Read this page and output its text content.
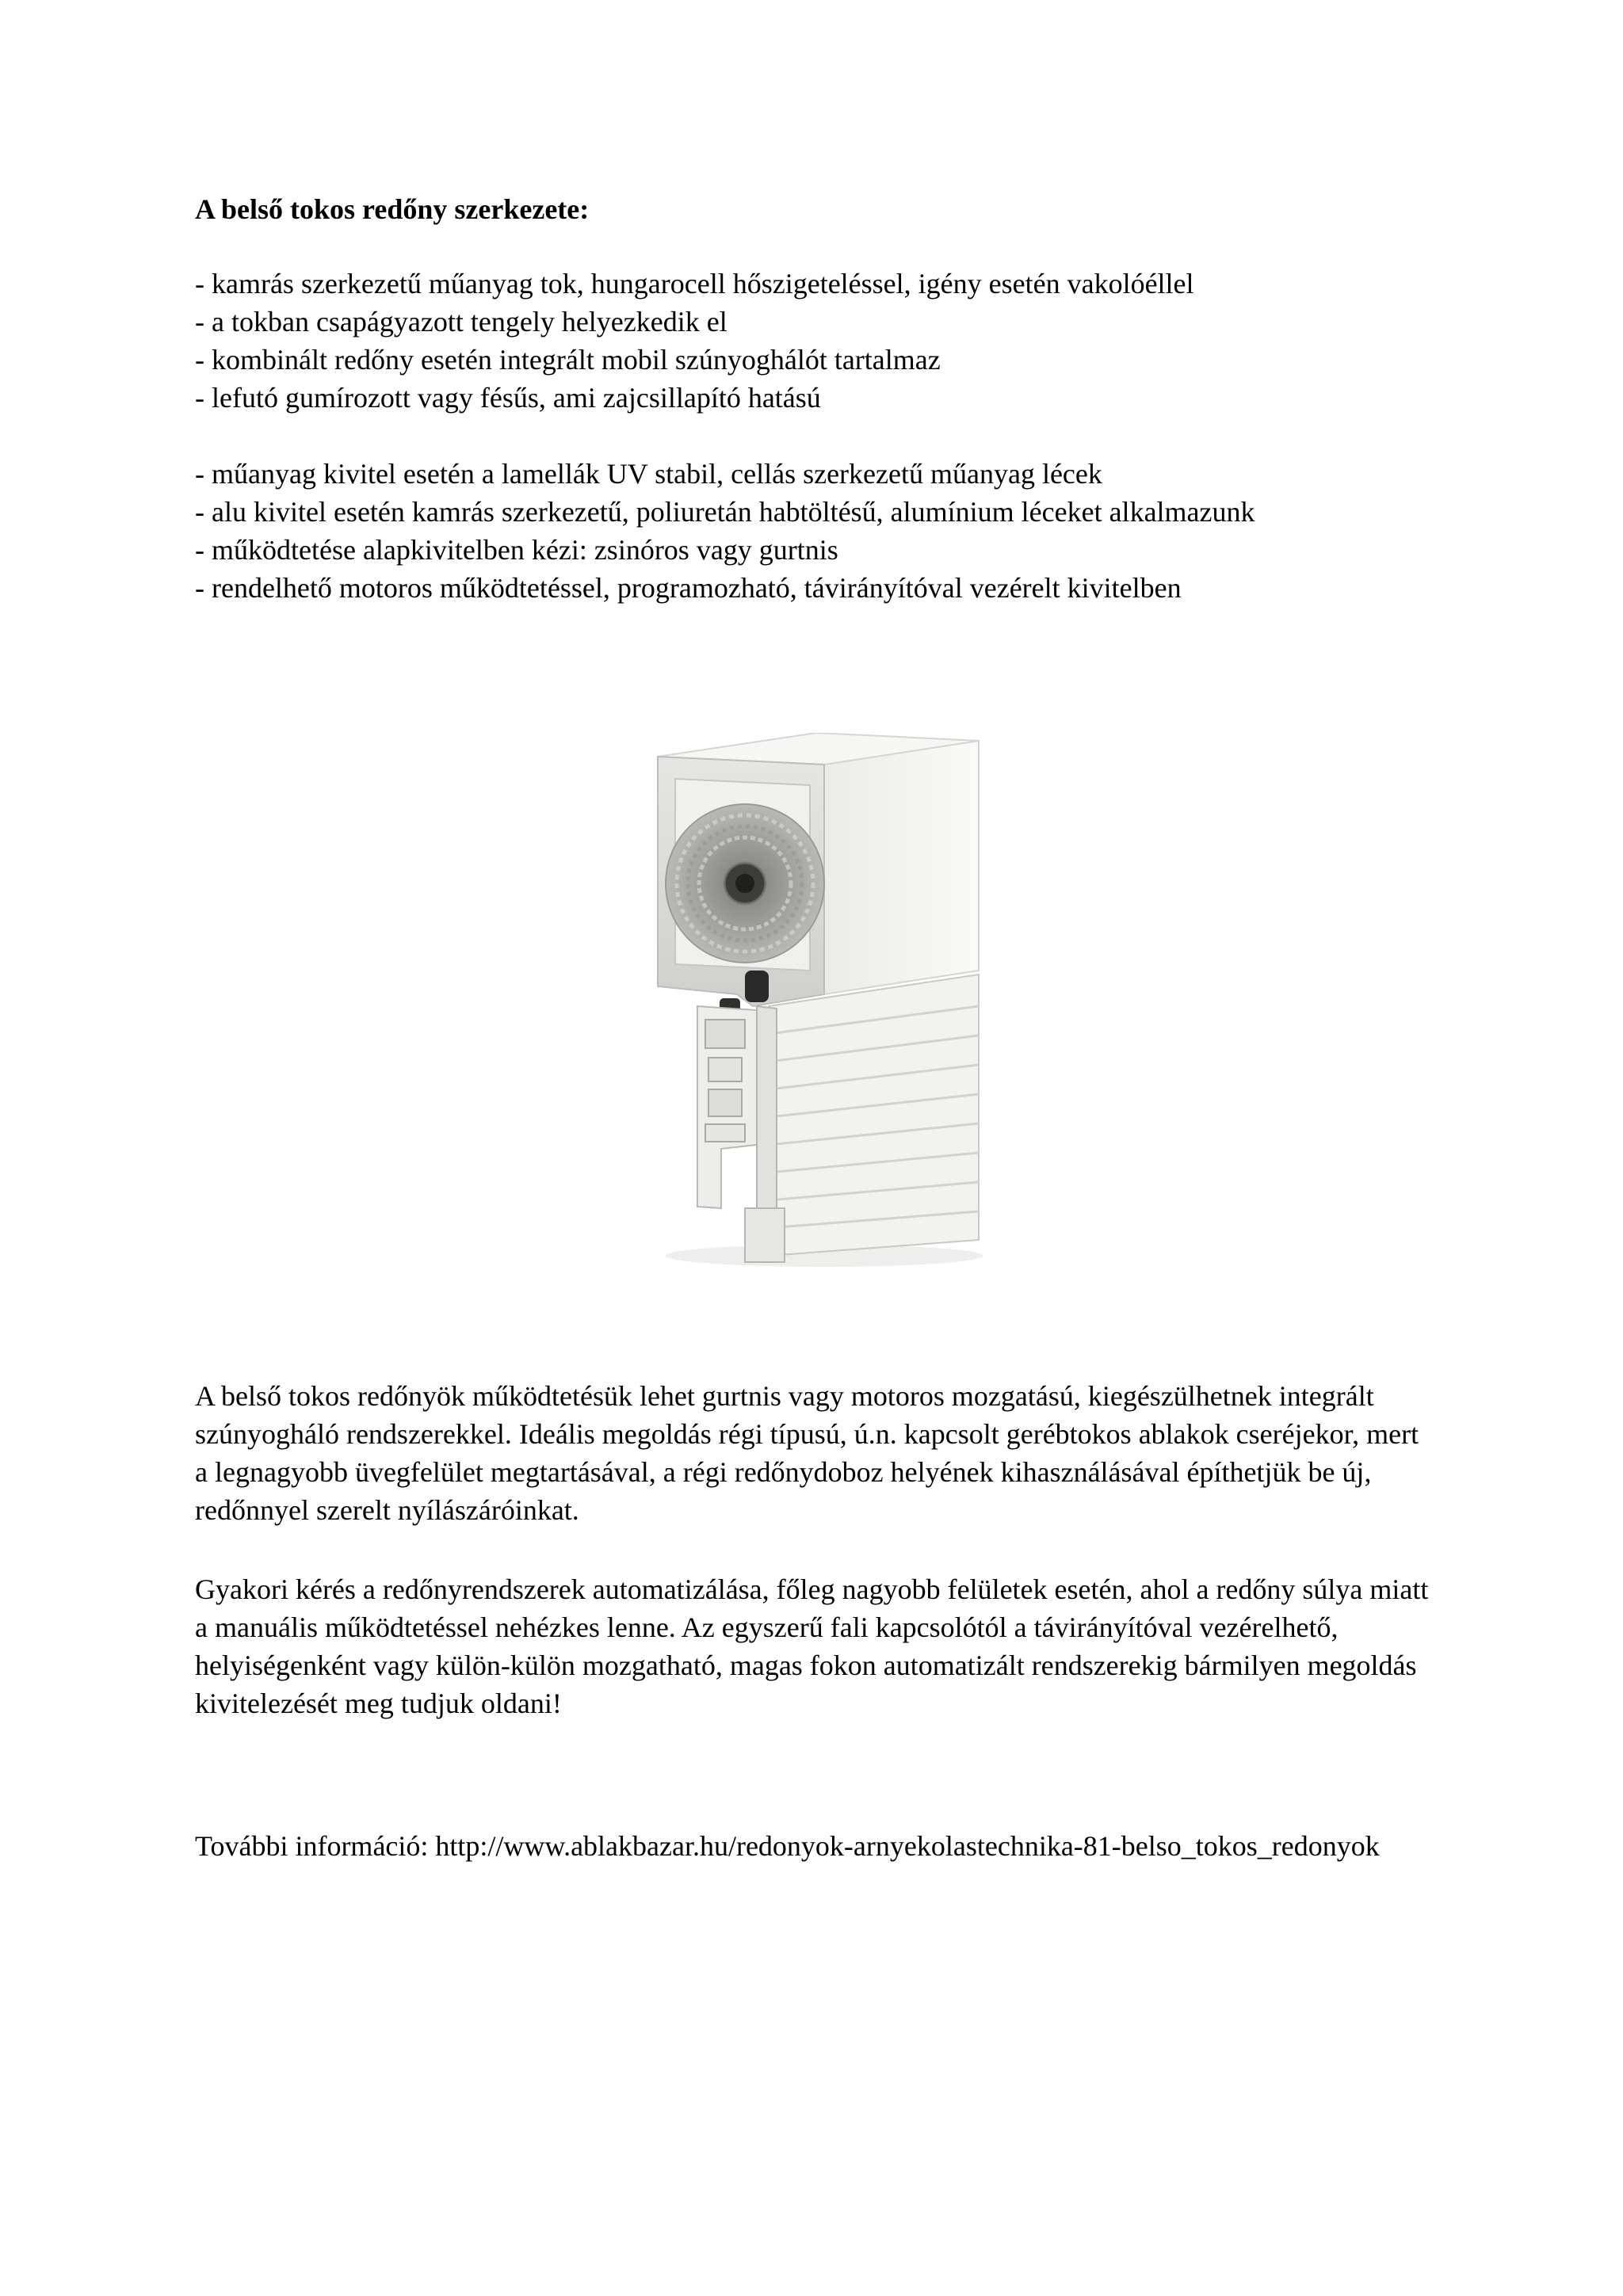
A belső tokos redőny szerkezete:
- kamrás szerkezetű műanyag tok, hungarocell hőszigeteléssel, igény esetén vakolóéllel
- a tokban csapágyazott tengely helyezkedik el
- kombinált redőny esetén integrált mobil szúnyoghálót tartalmaz
- lefutó gumírozott vagy fésűs, ami zajcsillapító hatású
- műanyag kivitel esetén a lamellák UV stabil, cellás szerkezetű műanyag lécek
- alu kivitel esetén kamrás szerkezetű, poliuretán habtöltésű, alumínium léceket alkalmazunk
- működtetése alapkivitelben kézi: zsinóros vagy gurtnis
- rendelhető motoros működtetéssel, programozható, távirányítóval vezérelt kivitelben

A belső tokos redőnyök működtetésük lehet gurtnis vagy motoros mozgatású, kiegészülhetnek integrált szúnyogháló rendszerekkel. Ideális megoldás régi típusú, ú.n. kapcsolt gerébtokos ablakok cseréjekor, mert a legnagyobb üvegfelület megtartásával, a régi redőnydoboz helyének kihasználásával építhetjük be új, redőnnyel szerelt nyílászáróinkat.

Gyakori kérés a redőnyrendszerek automatizálása, főleg nagyobb felületek esetén, ahol a redőny súlya miatt a manuális működtetéssel nehézkes lenne. Az egyszerű fali kapcsolótól a távirányítóval vezérelhető, helyiségenként vagy külön-külön mozgatható, magas fokon automatizált rendszerekig bármilyen megoldás kivitelezését meg tudjuk oldani!

További információ: http://www.ablakbazar.hu/redonyok-arnyekolastechnika-81-belso_tokos_redonyok
